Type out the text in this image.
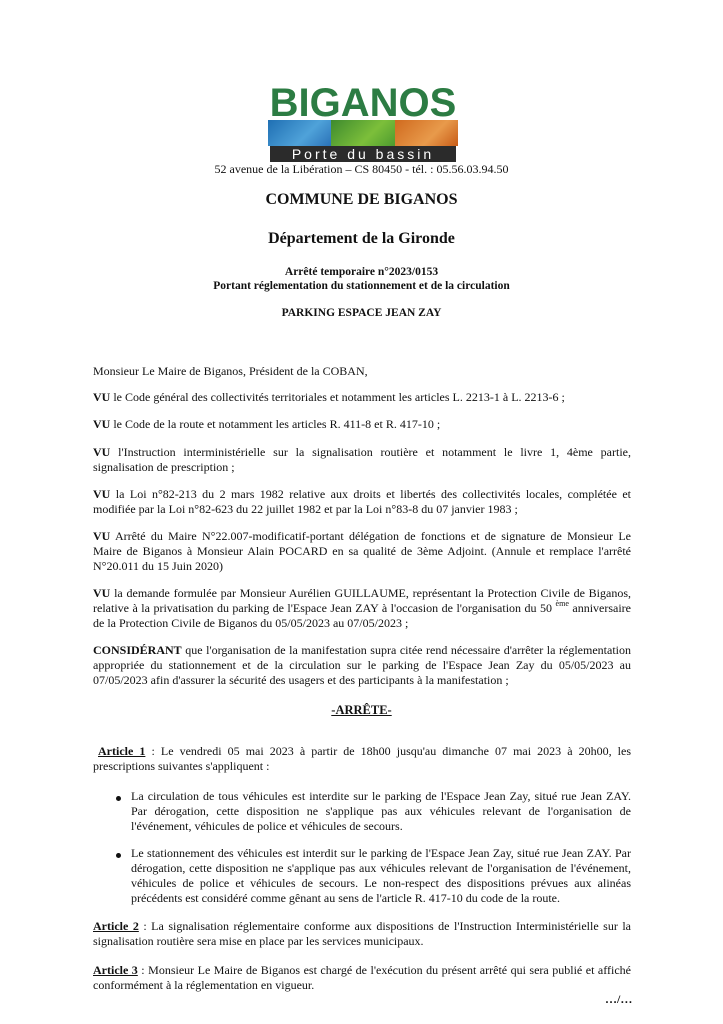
BIGANOS
Porte du bassin
52 avenue de la Libération – CS 80450 - tél. : 05.56.03.94.50
COMMUNE DE BIGANOS
Département de la Gironde
Arrêté temporaire n°2023/0153
Portant réglementation du stationnement et de la circulation
PARKING ESPACE JEAN ZAY

Monsieur Le Maire de Biganos, Président de la COBAN,

VU le Code général des collectivités territoriales et notamment les articles L. 2213-1 à L. 2213-6 ;

VU le Code de la route et notamment les articles R. 411-8 et R. 417-10 ;

VU l'Instruction interministérielle sur la signalisation routière et notamment le livre 1, 4ème partie, signalisation de prescription ;

VU la Loi n°82-213 du 2 mars 1982 relative aux droits et libertés des collectivités locales, complétée et modifiée par la Loi n°82-623 du 22 juillet 1982 et par la Loi n°83-8 du 07 janvier 1983 ;

VU Arrêté du Maire N°22.007-modificatif-portant délégation de fonctions et de signature de Monsieur Le Maire de Biganos à Monsieur Alain POCARD en sa qualité de 3ème Adjoint. (Annule et remplace l'arrêté N°20.011 du 15 Juin 2020)

VU la demande formulée par Monsieur Aurélien GUILLAUME, représentant la Protection Civile de Biganos, relative à la privatisation du parking de l'Espace Jean ZAY à l'occasion de l'organisation du 50 $^{ème}$ anniversaire de la Protection Civile de Biganos du 05/05/2023 au 07/05/2023 ;

CONSIDÉRANT que l'organisation de la manifestation supra citée rend nécessaire d'arrêter la réglementation appropriée du stationnement et de la circulation sur le parking de l'Espace Jean Zay du 05/05/2023 au 07/05/2023 afin d'assurer la sécurité des usagers et des participants à la manifestation ;

-ARRÊTE-

Article 1 : Le vendredi 05 mai 2023 à partir de 18h00 jusqu'au dimanche 07 mai 2023 à 20h00, les prescriptions suivantes s'appliquent :

La circulation de tous véhicules est interdite sur le parking de l'Espace Jean Zay, situé rue Jean ZAY. Par dérogation, cette disposition ne s'applique pas aux véhicules relevant de l'organisation de l'événement, véhicules de police et véhicules de secours.

Le stationnement des véhicules est interdit sur le parking de l'Espace Jean Zay, situé rue Jean ZAY. Par dérogation, cette disposition ne s'applique pas aux véhicules relevant de l'organisation de l'événement, véhicules de police et véhicules de secours. Le non-respect des dispositions prévues aux alinéas précédents est considéré comme gênant au sens de l'article R. 417-10 du code de la route.

Article 2 : La signalisation réglementaire conforme aux dispositions de l'Instruction Interministérielle sur la signalisation routière sera mise en place par les services municipaux.

Article 3 : Monsieur Le Maire de Biganos est chargé de l'exécution du présent arrêté qui sera publié et affiché conformément à la réglementation en vigueur.

…/…
